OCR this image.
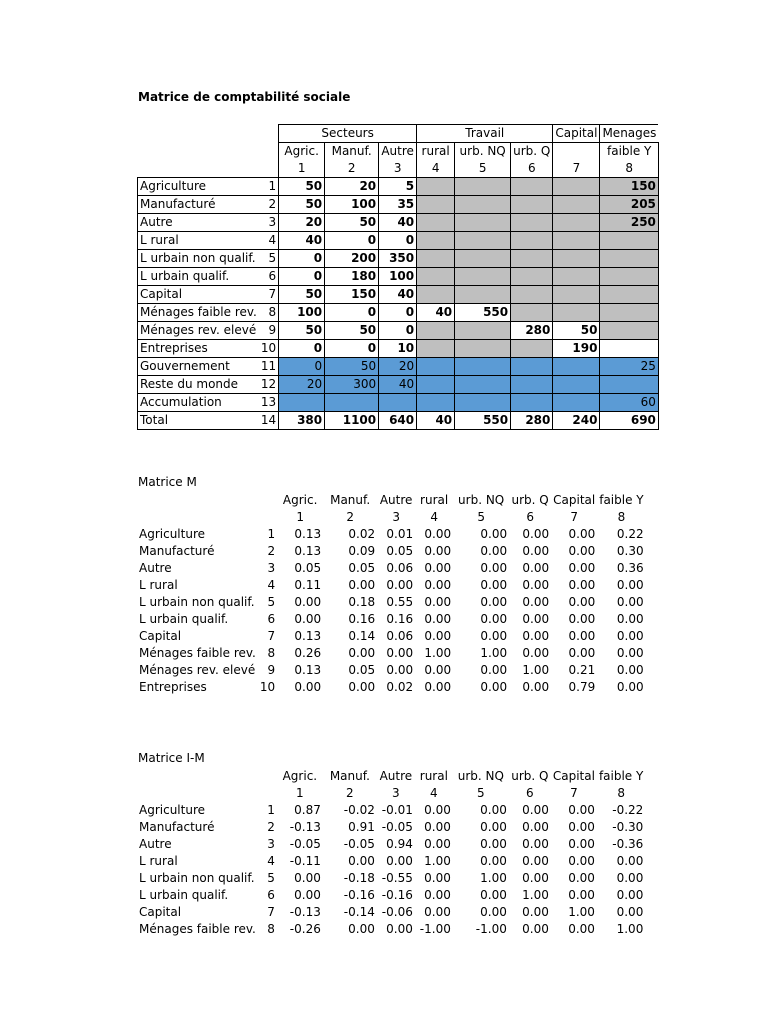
Matrice de comptabilité sociale
		Secteurs			Travail			Capital	Menages
		Agric.	Manuf.	Autre	rural	urb. NQ	urb. Q		faible Y
		1	2	3	4	5	6	7	8
Agriculture	1	50	20	5					150
Manufacturé	2	50	100	35					205
Autre	3	20	50	40					250
L rural	4	40	0	0					
L urbain non qualif.	5	0	200	350					
L urbain qualif.	6	0	180	100					
Capital	7	50	150	40					
Ménages faible rev.	8	100	0	0	40	550			
Ménages rev. elevé	9	50	50	0			280	50	
Entreprises	10	0	0	10				190	
Gouvernement	11	0	50	20					25
Reste du monde	12	20	300	40					
Accumulation	13								60
Total	14	380	1100	640	40	550	280	240	690
Matrice M
		Agric.	Manuf.	Autre	rural	urb. NQ	urb. Q	Capital	faible Y
		1	2	3	4	5	6	7	8
Agriculture	1	0.13	0.02	0.01	0.00	0.00	0.00	0.00	0.22
Manufacturé	2	0.13	0.09	0.05	0.00	0.00	0.00	0.00	0.30
Autre	3	0.05	0.05	0.06	0.00	0.00	0.00	0.00	0.36
L rural	4	0.11	0.00	0.00	0.00	0.00	0.00	0.00	0.00
L urbain non qualif.	5	0.00	0.18	0.55	0.00	0.00	0.00	0.00	0.00
L urbain qualif.	6	0.00	0.16	0.16	0.00	0.00	0.00	0.00	0.00
Capital	7	0.13	0.14	0.06	0.00	0.00	0.00	0.00	0.00
Ménages faible rev.	8	0.26	0.00	0.00	1.00	1.00	0.00	0.00	0.00
Ménages rev. elevé	9	0.13	0.05	0.00	0.00	0.00	1.00	0.21	0.00
Entreprises	10	0.00	0.00	0.02	0.00	0.00	0.00	0.79	0.00
Matrice I-M
		Agric.	Manuf.	Autre	rural	urb. NQ	urb. Q	Capital	faible Y
		1	2	3	4	5	6	7	8
Agriculture	1	0.87	-0.02	-0.01	0.00	0.00	0.00	0.00	-0.22
Manufacturé	2	-0.13	0.91	-0.05	0.00	0.00	0.00	0.00	-0.30
Autre	3	-0.05	-0.05	0.94	0.00	0.00	0.00	0.00	-0.36
L rural	4	-0.11	0.00	0.00	1.00	0.00	0.00	0.00	0.00
L urbain non qualif.	5	0.00	-0.18	-0.55	0.00	1.00	0.00	0.00	0.00
L urbain qualif.	6	0.00	-0.16	-0.16	0.00	0.00	1.00	0.00	0.00
Capital	7	-0.13	-0.14	-0.06	0.00	0.00	0.00	1.00	0.00
Ménages faible rev.	8	-0.26	0.00	0.00	-1.00	-1.00	0.00	0.00	1.00
